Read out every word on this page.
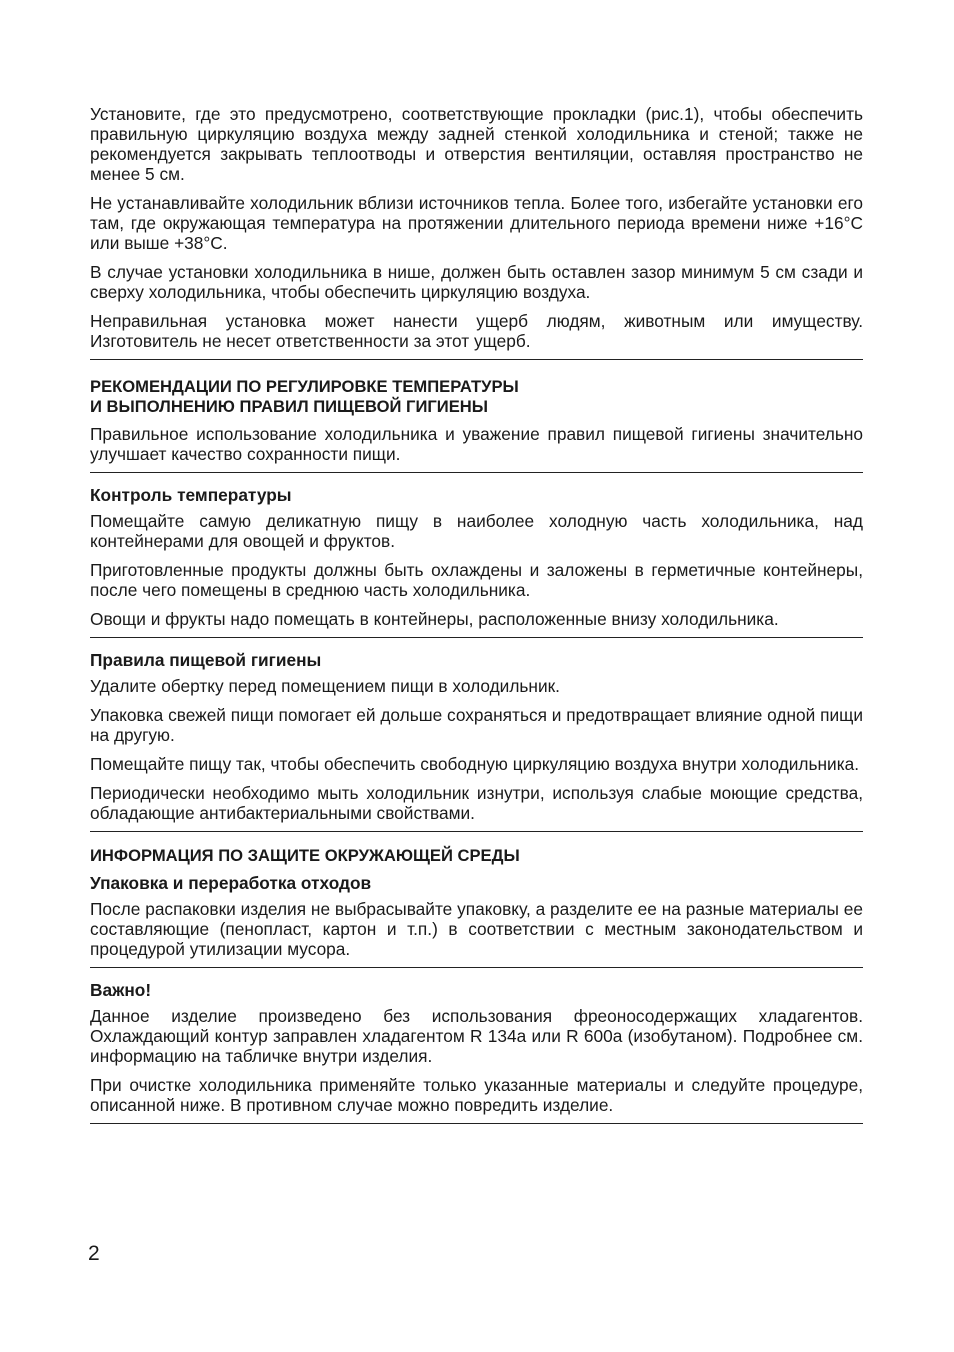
Установите, где это предусмотрено, соответствующие прокладки (рис.1), чтобы обеспечить правильную циркуляцию воздуха между задней стенкой холодильника и стеной; также не рекомендуется закрывать теплоотводы и отверстия вентиляции, оставляя пространство не менее 5 см.

Не устанавливайте холодильник вблизи источников тепла. Более того, избегайте установки его там, где окружающая температура на протяжении длительного периода времени ниже +16°C или выше +38°C.

В случае установки холодильника в нише, должен быть оставлен зазор минимум 5 см сзади и сверху холодильника, чтобы обеспечить циркуляцию воздуха.

Неправильная установка может нанести ущерб людям, животным или имуществу. Изготовитель не несет ответственности за этот ущерб.

РЕКОМЕНДАЦИИ ПО РЕГУЛИРОВКЕ ТЕМПЕРАТУРЫ
И ВЫПОЛНЕНИЮ ПРАВИЛ ПИЩЕВОЙ ГИГИЕНЫ

Правильное использование холодильника и уважение правил пищевой гигиены значительно улучшает качество сохранности пищи.

Контроль температуры

Помещайте самую деликатную пищу в наиболее холодную часть холодильника, над контейнерами для овощей и фруктов.

Приготовленные продукты должны быть охлаждены и заложены в герметичные контейнеры, после чего помещены в среднюю часть холодильника.

Овощи и фрукты надо помещать в контейнеры, расположенные внизу холодильника.

Правила пищевой гигиены

Удалите обертку перед помещением пищи в холодильник.

Упаковка свежей пищи помогает ей дольше сохраняться и предотвращает влияние одной пищи на другую.

Помещайте пищу так, чтобы обеспечить свободную циркуляцию воздуха внутри холодильника.

Периодически необходимо мыть холодильник изнутри, используя слабые моющие средства, обладающие антибактериальными свойствами.

ИНФОРМАЦИЯ ПО ЗАЩИТЕ ОКРУЖАЮЩЕЙ СРЕДЫ
Упаковка и переработка отходов

После распаковки изделия не выбрасывайте упаковку, а разделите ее на разные материалы ее составляющие (пенопласт, картон и т.п.) в соответствии с местным законодательством и процедурой утилизации мусора.

Важно!

Данное изделие произведено без использования фреоносодержащих хладагентов. Охлаждающий контур заправлен хладагентом R 134a или R 600a (изобутаном). Подробнее см. информацию на табличке внутри изделия.

При очистке холодильника применяйте только указанные материалы и следуйте процедуре, описанной ниже. В противном случае можно повредить изделие.

2
